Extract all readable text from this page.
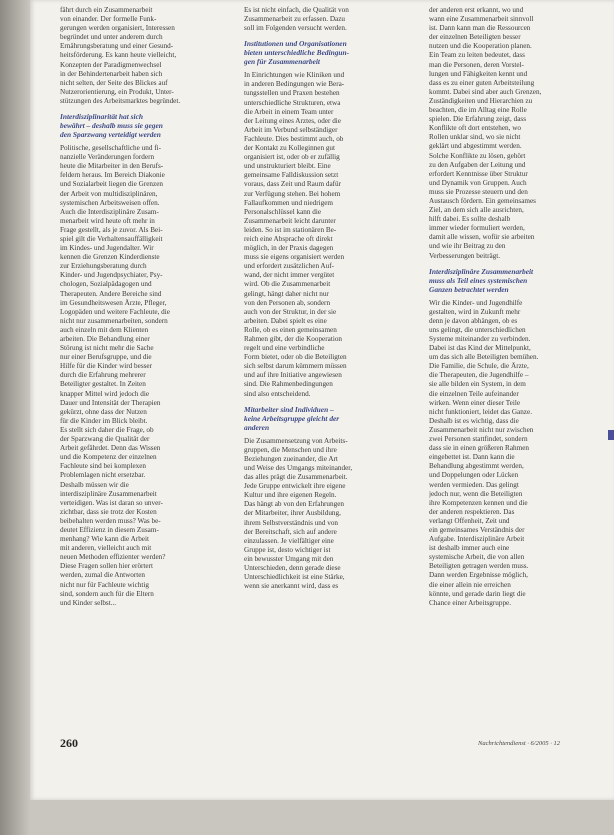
fährt durch ein Zusammenarbeit
von einander. Der formelle Funk-
gerungen werden organisiert, Interessen
begründet und unter anderem durch
Ernährungsberatung und einer Gesund-
heitsförderung. Es kann heute vielleicht,
Konzepten der Paradigmenwechsel
in der Behindertenarbeit haben sich
nicht selten, der Seite des Blickes auf
Nutzerorientierung, ein Produkt, Unter-
stützungen des Arbeitsmarktes begründet.

Interdisziplinarität hat sich
bewährt – deshalb muss sie gegen
den Sparzwang verteidigt werden

Politische, gesellschaftliche und fi-
nanzielle Veränderungen fordern
heute die Mitarbeiter in den Berufs-
feldern heraus. Im Bereich Diakonie
und Sozialarbeit liegen die Grenzen
der Arbeit von multidisziplinären,
systemischen Arbeitsweisen offen.
Auch die Interdisziplinäre Zusam-
menarbeit wird heute oft mehr in
Frage gestellt, als je zuvor. Als Bei-
spiel gilt die Verhaltensauffälligkeit
im Kindes- und Jugendalter. Wir
kennen die Grenzen Kinderdienste
zur Erziehungsberatung durch
Kinder- und Jugendpsychiater, Psy-
chologen, Sozialpädagogen und
Therapeuten. Andere Bereiche sind
im Gesundheitswesen Ärzte, Pfleger,
Logopäden und weitere Fachleute, die
nicht nur zusammenarbeiten, sondern
auch einzeln mit dem Klienten
arbeiten. Die Behandlung einer
Störung ist nicht mehr die Sache
nur einer Berufsgruppe, und die
Hilfe für die Kinder wird besser
durch die Erfahrung mehrerer
Beteiligter gestaltet. In Zeiten
knapper Mittel wird jedoch die
Dauer und Intensität der Therapien
gekürzt, ohne dass der Nutzen
für die Kinder im Blick bleibt.
Es stellt sich daher die Frage, ob
der Sparzwang die Qualität der
Arbeit gefährdet. Denn das Wissen
und die Kompetenz der einzelnen
Fachleute sind bei komplexen
Problemlagen nicht ersetzbar.
Deshalb müssen wir die
interdisziplinäre Zusammenarbeit
verteidigen. Was ist daran so unver-
zichtbar, dass sie trotz der Kosten
beibehalten werden muss? Was be-
deutet Effizienz in diesem Zusam-
menhang? Wie kann die Arbeit
mit anderen, vielleicht auch mit
neuen Methoden effizienter werden?
Diese Fragen sollen hier erörtert
werden, zumal die Antworten
nicht nur für Fachleute wichtig
sind, sondern auch für die Eltern
und Kinder selbst...

Es ist nicht einfach, die Qualität von
Zusammenarbeit zu erfassen. Dazu
soll im Folgenden versucht werden.

Institutionen und Organisationen
bieten unterschiedliche Bedingun-
gen für Zusammenarbeit

In Einrichtungen wie Kliniken und
in anderen Bedingungen wie Bera-
tungsstellen und Praxen bestehen
unterschiedliche Strukturen, etwa
die Arbeit in einem Team unter
der Leitung eines Arztes, oder die
Arbeit im Verbund selbständiger
Fachleute. Dies bestimmt auch, ob
der Kontakt zu Kolleginnen gut
organisiert ist, oder ob er zufällig
und unstrukturiert bleibt. Eine
gemeinsame Falldiskussion setzt
voraus, dass Zeit und Raum dafür
zur Verfügung stehen. Bei hohem
Fallaufkommen und niedrigem
Personalschlüssel kann die
Zusammenarbeit leicht darunter
leiden. So ist im stationären Be-
reich eine Absprache oft direkt
möglich, in der Praxis dagegen
muss sie eigens organisiert werden
und erfordert zusätzlichen Auf-
wand, der nicht immer vergütet
wird. Ob die Zusammenarbeit
gelingt, hängt daher nicht nur
von den Personen ab, sondern
auch von der Struktur, in der sie
arbeiten. Dabei spielt es eine
Rolle, ob es einen gemeinsamen
Rahmen gibt, der die Kooperation
regelt und eine verbindliche
Form bietet, oder ob die Beteiligten
sich selbst darum kümmern müssen
und auf ihre Initiative angewiesen
sind. Die Rahmenbedingungen
sind also entscheidend.

Mitarbeiter sind Individuen –
keine Arbeitsgruppe gleicht der
anderen

Die Zusammensetzung von Arbeits-
gruppen, die Menschen und ihre
Beziehungen zueinander, die Art
und Weise des Umgangs miteinander,
das alles prägt die Zusammenarbeit.
Jede Gruppe entwickelt ihre eigene
Kultur und ihre eigenen Regeln.
Das hängt ab von den Erfahrungen
der Mitarbeiter, ihrer Ausbildung,
ihrem Selbstverständnis und von
der Bereitschaft, sich auf andere
einzulassen. Je vielfältiger eine
Gruppe ist, desto wichtiger ist
ein bewusster Umgang mit den
Unterschieden, denn gerade diese
Unterschiedlichkeit ist eine Stärke,
wenn sie anerkannt wird, dass es

der anderen erst erkannt, wo und
wann eine Zusammenarbeit sinnvoll
ist. Dann kann man die Ressourcen
der einzelnen Beteiligten besser
nutzen und die Kooperation planen.
Ein Team zu leiten bedeutet, dass
man die Personen, deren Vorstel-
lungen und Fähigkeiten kennt und
dass es zu einer guten Arbeitsteilung
kommt. Dabei sind aber auch Grenzen,
Zuständigkeiten und Hierarchien zu
beachten, die im Alltag eine Rolle
spielen. Die Erfahrung zeigt, dass
Konflikte oft dort entstehen, wo
Rollen unklar sind, wo sie nicht
geklärt und abgestimmt werden.
Solche Konflikte zu lösen, gehört
zu den Aufgaben der Leitung und
erfordert Kenntnisse über Struktur
und Dynamik von Gruppen. Auch
muss sie Prozesse steuern und den
Austausch fördern. Ein gemeinsames
Ziel, an dem sich alle ausrichten,
hilft dabei. Es sollte deshalb
immer wieder formuliert werden,
damit alle wissen, wofür sie arbeiten
und wie ihr Beitrag zu den
Verbesserungen beiträgt.

Interdisziplinäre Zusammenarbeit
muss als Teil eines systemischen
Ganzen betrachtet werden

Wir die Kinder- und Jugendhilfe
gestalten, wird in Zukunft mehr
denn je davon abhängen, ob es
uns gelingt, die unterschiedlichen
Systeme miteinander zu verbinden.
Dabei ist das Kind der Mittelpunkt,
um das sich alle Beteiligten bemühen.
Die Familie, die Schule, die Ärzte,
die Therapeuten, die Jugendhilfe –
sie alle bilden ein System, in dem
die einzelnen Teile aufeinander
wirken. Wenn einer dieser Teile
nicht funktioniert, leidet das Ganze.
Deshalb ist es wichtig, dass die
Zusammenarbeit nicht nur zwischen
zwei Personen stattfindet, sondern
dass sie in einen größeren Rahmen
eingebettet ist. Dann kann die
Behandlung abgestimmt werden,
und Doppelungen oder Lücken
werden vermieden. Das gelingt
jedoch nur, wenn die Beteiligten
ihre Kompetenzen kennen und die
der anderen respektieren. Das
verlangt Offenheit, Zeit und
ein gemeinsames Verständnis der
Aufgabe. Interdisziplinäre Arbeit
ist deshalb immer auch eine
systemische Arbeit, die von allen
Beteiligten getragen werden muss.
Dann werden Ergebnisse möglich,
die einer allein nie erreichen
könnte, und gerade darin liegt die
Chance einer Arbeitsgruppe.

260	Nachrichtendienst · 6/2005 · 12
